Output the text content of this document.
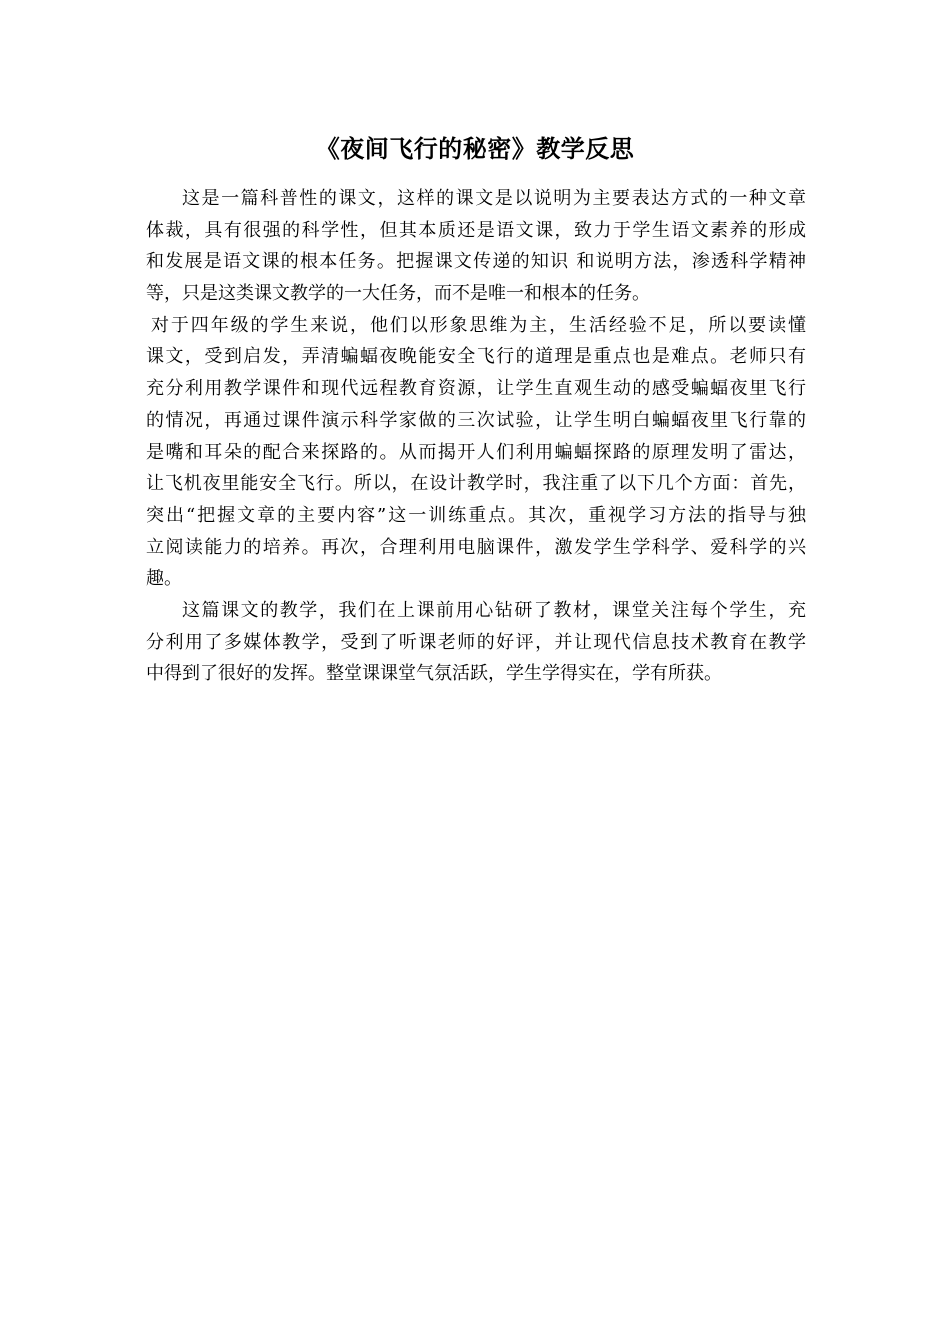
《夜间飞行的秘密》教学反思
这是一篇科普性的课文，这样的课文是以说明为主要表达方式的一种文章
体裁，具有很强的科学性，但其本质还是语文课，致力于学生语文素养的形成
和发展是语文课的根本任务。把握课文传递的知识 和说明方法，渗透科学精神
等，只是这类课文教学的一大任务，而不是唯一和根本的任务。
对于四年级的学生来说，他们以形象思维为主，生活经验不足，所以要读懂
课文，受到启发，弄清蝙蝠夜晚能安全飞行的道理是重点也是难点。老师只有
充分利用教学课件和现代远程教育资源，让学生直观生动的感受蝙蝠夜里飞行
的情况，再通过课件演示科学家做的三次试验，让学生明白蝙蝠夜里飞行靠的
是嘴和耳朵的配合来探路的。从而揭开人们利用蝙蝠探路的原理发明了雷达，
让飞机夜里能安全飞行。所以，在设计教学时，我注重了以下几个方面：首先，
突出“把握文章的主要内容”这一训练重点。其次，重视学习方法的指导与独
立阅读能力的培养。再次，合理利用电脑课件，激发学生学科学、爱科学的兴
趣。
这篇课文的教学，我们在上课前用心钻研了教材，课堂关注每个学生，充
分利用了多媒体教学，受到了听课老师的好评，并让现代信息技术教育在教学
中得到了很好的发挥。整堂课课堂气氛活跃，学生学得实在，学有所获。
